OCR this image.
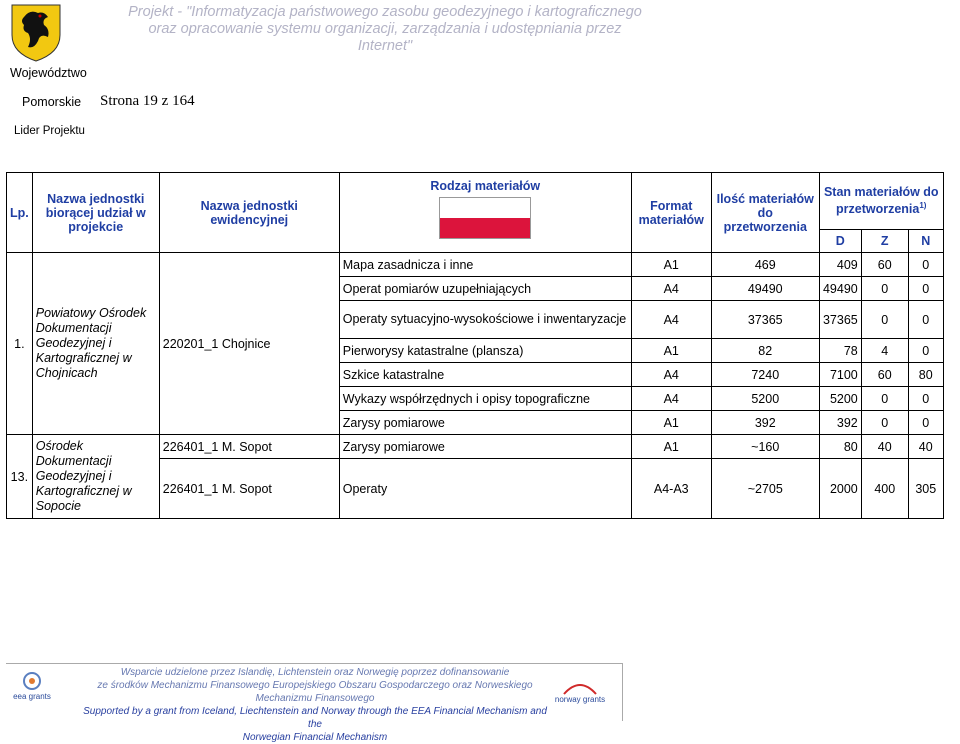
Projekt - "Informatyzacja państwowego zasobu geodezyjnego i kartograficznego
oraz opracowanie systemu organizacji, zarządzania i udostępniania przez
Internet"
Województwo
Pomorskie Strona 19 z 164
Lider Projektu
Lp.	Nazwa jednostki biorącej udział w projekcie	Nazwa jednostki ewidencyjnej	Rodzaj materiałów	Format materiałów	Ilość materiałów do przetworzenia	Stan materiałów do przetworzenia$^{1)}$
						D	Z	N
1.	Powiatowy Ośrodek Dokumentacji Geodezyjnej i Kartograficznej w Chojnicach	220201_1 Chojnice	Mapa zasadnicza i inne	A1	469	409	60	0
			Operat pomiarów uzupełniających	A4	49490	49490	0	0
			Operaty sytuacyjno-wysokościowe i inwentaryzacje	A4	37365	37365	0	0
			Pierworysy katastralne (plansza)	A1	82	78	4	0
			Szkice katastralne	A4	7240	7100	60	80
			Wykazy współrzędnych i opisy topograficzne	A4	5200	5200	0	0
			Zarysy pomiarowe	A1	392	392	0	0
13.	Ośrodek Dokumentacji Geodezyjnej i Kartograficznej w Sopocie	226401_1 M. Sopot	Zarysy pomiarowe	A1	~160	80	40	40
		226401_1 M. Sopot	Operaty	A4-A3	~2705	2000	400	305
eea grants
Wsparcie udzielone przez Islandię, Lichtenstein oraz Norwegię poprzez dofinansowanie
ze środków Mechanizmu Finansowego Europejskiego Obszaru Gospodarczego oraz Norweskiego
Mechanizmu Finansowego
Supported by a grant from Iceland, Liechtenstein and Norway through the EEA Financial Mechanism and the
Norwegian Financial Mechanism
norway grants
